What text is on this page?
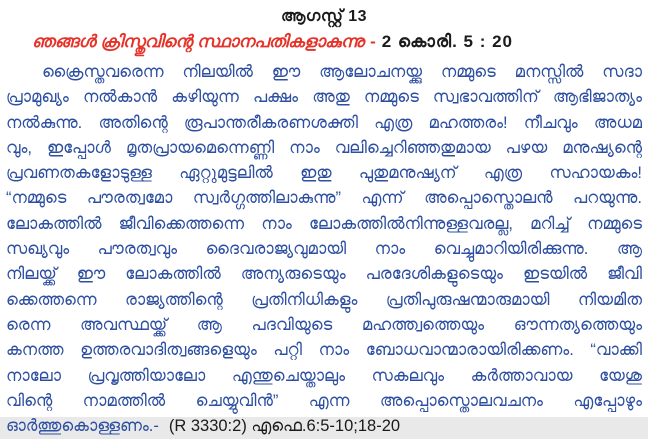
ആഗസ്റ്റ് 13
ഞങ്ങൾ ക്രിസ്തുവിന്റെ സ്ഥാനപതികളാകുന്നു - 2 കൊരി. 5 : 20
ക്രൈസ്തവരെന്ന നിലയിൽ ഈ ആലോചനയ്ക്കു നമ്മുടെ മനസ്സിൽ സദാ
പ്രാമുഖ്യം നൽകാൻ കഴിയുന്ന പക്ഷം അതു നമ്മുടെ സ്വഭാവത്തിന് ആഭിജാത്യം
നൽകുന്നു. അതിന്റെ രൂപാന്തരീകരണശക്തി എത്ര മഹത്തരം! നീചവും അധമ
വും, ഇപ്പോൾ മൃതപ്രായമെന്നെണ്ണി നാം വലിച്ചെറിഞ്ഞതുമായ പഴയ മനുഷ്യന്റെ
പ്രവണതകളോടുള്ള ഏറ്റുമുട്ടലിൽ ഇതു പുതുമനുഷ്യന് എത്ര സഹായകം!
“നമ്മുടെ പൗരത്വമോ സ്വർഗ്ഗത്തിലാകുന്നു” എന്ന് അപ്പൊസ്തൊലൻ പറയുന്നു.
ലോകത്തിൽ ജീവിക്കെത്തന്നെ നാം ലോകത്തിൽനിന്നുള്ളവരല്ല, മറിച്ച് നമ്മുടെ
സഖ്യവും പൗരത്വവും ദൈവരാജ്യവുമായി നാം വെച്ചുമാറിയിരിക്കുന്നു. ആ
നിലയ്ക്ക് ഈ ലോകത്തിൽ അന്യരുടെയും പരദേശികളുടെയും ഇടയിൽ ജീവി
ക്കെത്തന്നെ രാജ്യത്തിന്റെ പ്രതിനിധികളും പ്രതിപുരുഷന്മാരുമായി നിയമിത
രെന്ന അവസ്ഥയ്ക്ക് ആ പദവിയുടെ മഹത്ത്വത്തെയും ഔന്നത്യത്തെയും
കനത്ത ഉത്തരവാദിത്വങ്ങളെയും പറ്റി നാം ബോധവാന്മാരായിരിക്കണം. “വാക്കി
നാലോ പ്രവൃത്തിയാലോ എന്തുചെയ്താലും സകലവും കർത്താവായ യേശു
വിന്റെ നാമത്തിൽ ചെയ്യുവിൻ” എന്ന അപ്പൊസ്തൊലവചനം എപ്പോഴും
ഓർത്തുകൊള്ളണം.- (R 3330:2) എഫെ.6:5-10;18-20
